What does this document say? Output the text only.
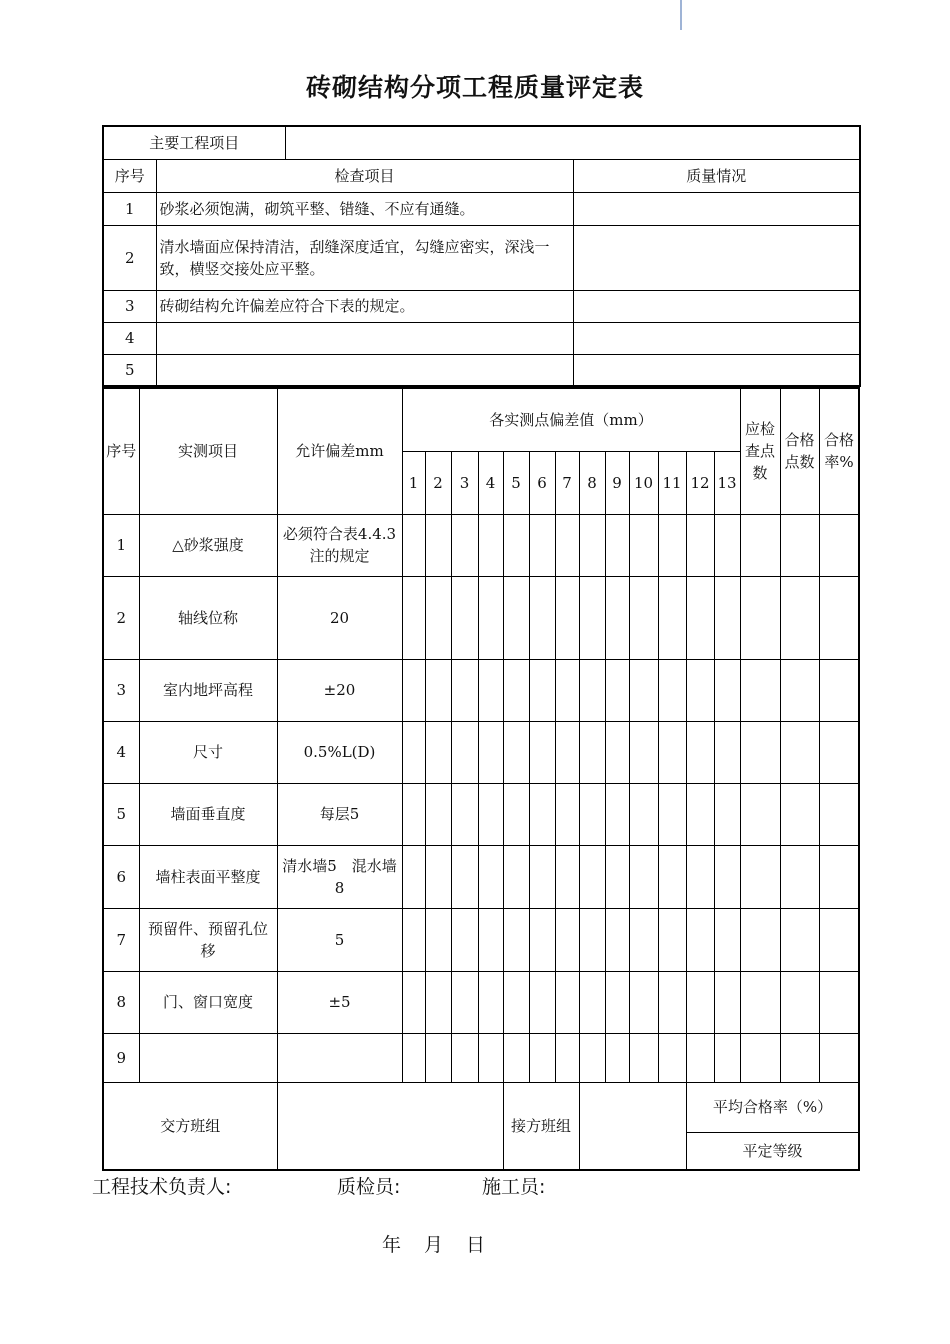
砖砌结构分项工程质量评定表
主要工程项目			
序号	检查项目		质量情况
1	砂浆必须饱满，砌筑平整、错缝、不应有通缝。		
2	清水墙面应保持清洁，刮缝深度适宜，勾缝应密实，深浅一致，横竖交接处应平整。		
3	砖砌结构允许偏差应符合下表的规定。		
4			
5			
序号	实测项目	允许偏差mm	各实测点偏差值（mm）													应检查点数	合格点数	合格率%	
			1	2	3	4	5	6	7	8	9	10	11	12	13				
1	△砂浆强度	必须符合表4.4.3注的规定																	
2	轴线位称	20																	
3	室内地坪高程	±20																	
4	尺寸	0.5%L(D)																	
5	墙面垂直度	每层5																	
6	墙柱表面平整度	清水墙5　混水墙8																	
7	预留件、预留孔位移	5																	
8	门、窗口宽度	±5																	
9																			
交方班组							接方班组							平均合格率（%）					
														平定等级					
工程技术负责人:	质检员:	施工员:
年　月　日
